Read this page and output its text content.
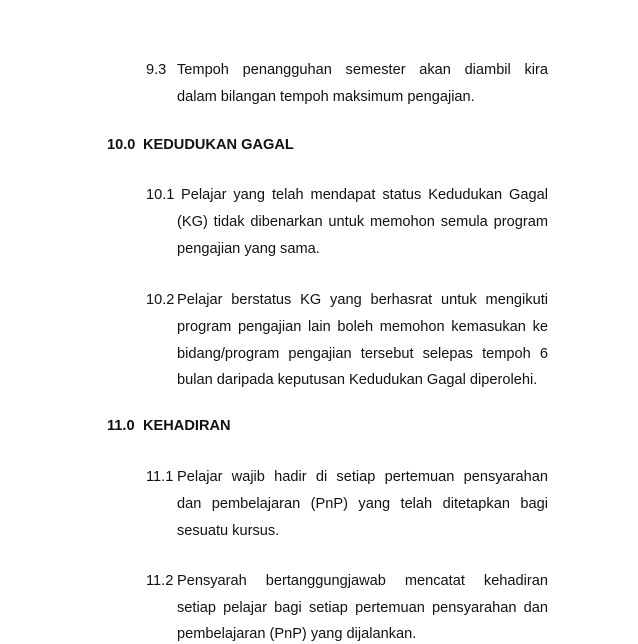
9.3 Tempoh penangguhan semester akan diambil kira
dalam bilangan tempoh maksimum pengajian.
10.0 KEDUDUKAN GAGAL
10.1 Pelajar yang telah mendapat status Kedudukan Gagal
(KG) tidak dibenarkan untuk memohon semula program
pengajian yang sama.
10.2 Pelajar berstatus KG yang berhasrat untuk mengikuti
program pengajian lain boleh memohon kemasukan ke
bidang/program pengajian tersebut selepas tempoh 6
bulan daripada keputusan Kedudukan Gagal diperolehi.
11.0 KEHADIRAN
11.1 Pelajar wajib hadir di setiap pertemuan pensyarahan
dan pembelajaran (PnP) yang telah ditetapkan bagi
sesuatu kursus.
11.2 Pensyarah bertanggungjawab mencatat kehadiran
setiap pelajar bagi setiap pertemuan pensyarahan dan
pembelajaran (PnP) yang dijalankan.
